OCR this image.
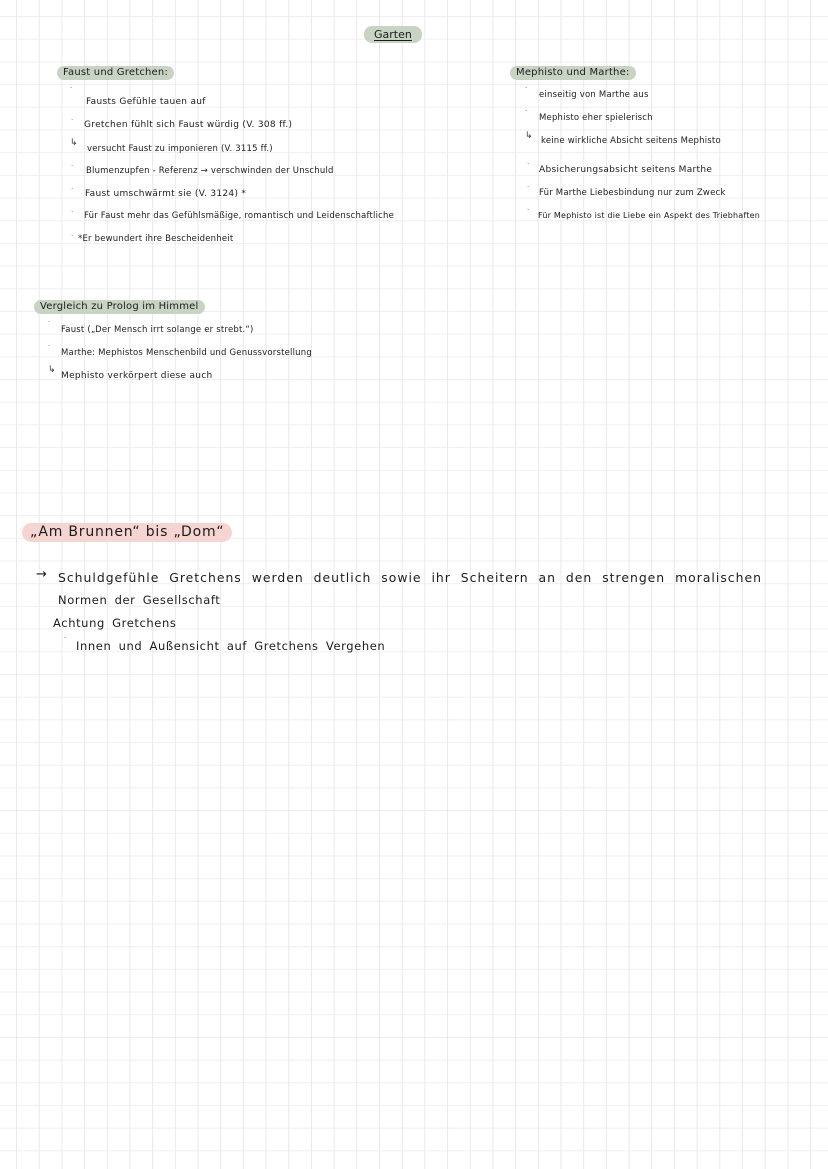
Garten
Faust und Gretchen:
·
·
↳
·
·
·
·
Fausts Gefühle tauen auf
Gretchen fühlt sich Faust würdig (V. 308 ff.)
versucht Faust zu imponieren (V. 3115 ff.)
Blumenzupfen - Referenz → verschwinden der Unschuld
Faust umschwärmt sie (V. 3124) *
Für Faust mehr das Gefühlsmäßige, romantisch und Leidenschaftliche
*Er bewundert ihre Bescheidenheit
Mephisto und Marthe:
·
·
↳
·
·
·
einseitig von Marthe aus
Mephisto eher spielerisch
keine wirkliche Absicht seitens Mephisto
Absicherungsabsicht seitens Marthe
Für Marthe Liebesbindung nur zum Zweck
Für Mephisto ist die Liebe ein Aspekt des Triebhaften
Vergleich zu Prolog im Himmel
·
·
↳
Faust („Der Mensch irrt solange er strebt.“)
Marthe: Mephistos Menschenbild und Genussvorstellung
Mephisto verkörpert diese auch
„Am Brunnen“ bis „Dom“
→ Schuldgefühle Gretchens werden deutlich sowie ihr Scheitern an den strengen moralischen
Normen der Gesellschaft
Achtung Gretchens
·
Innen und Außensicht auf Gretchens Vergehen
